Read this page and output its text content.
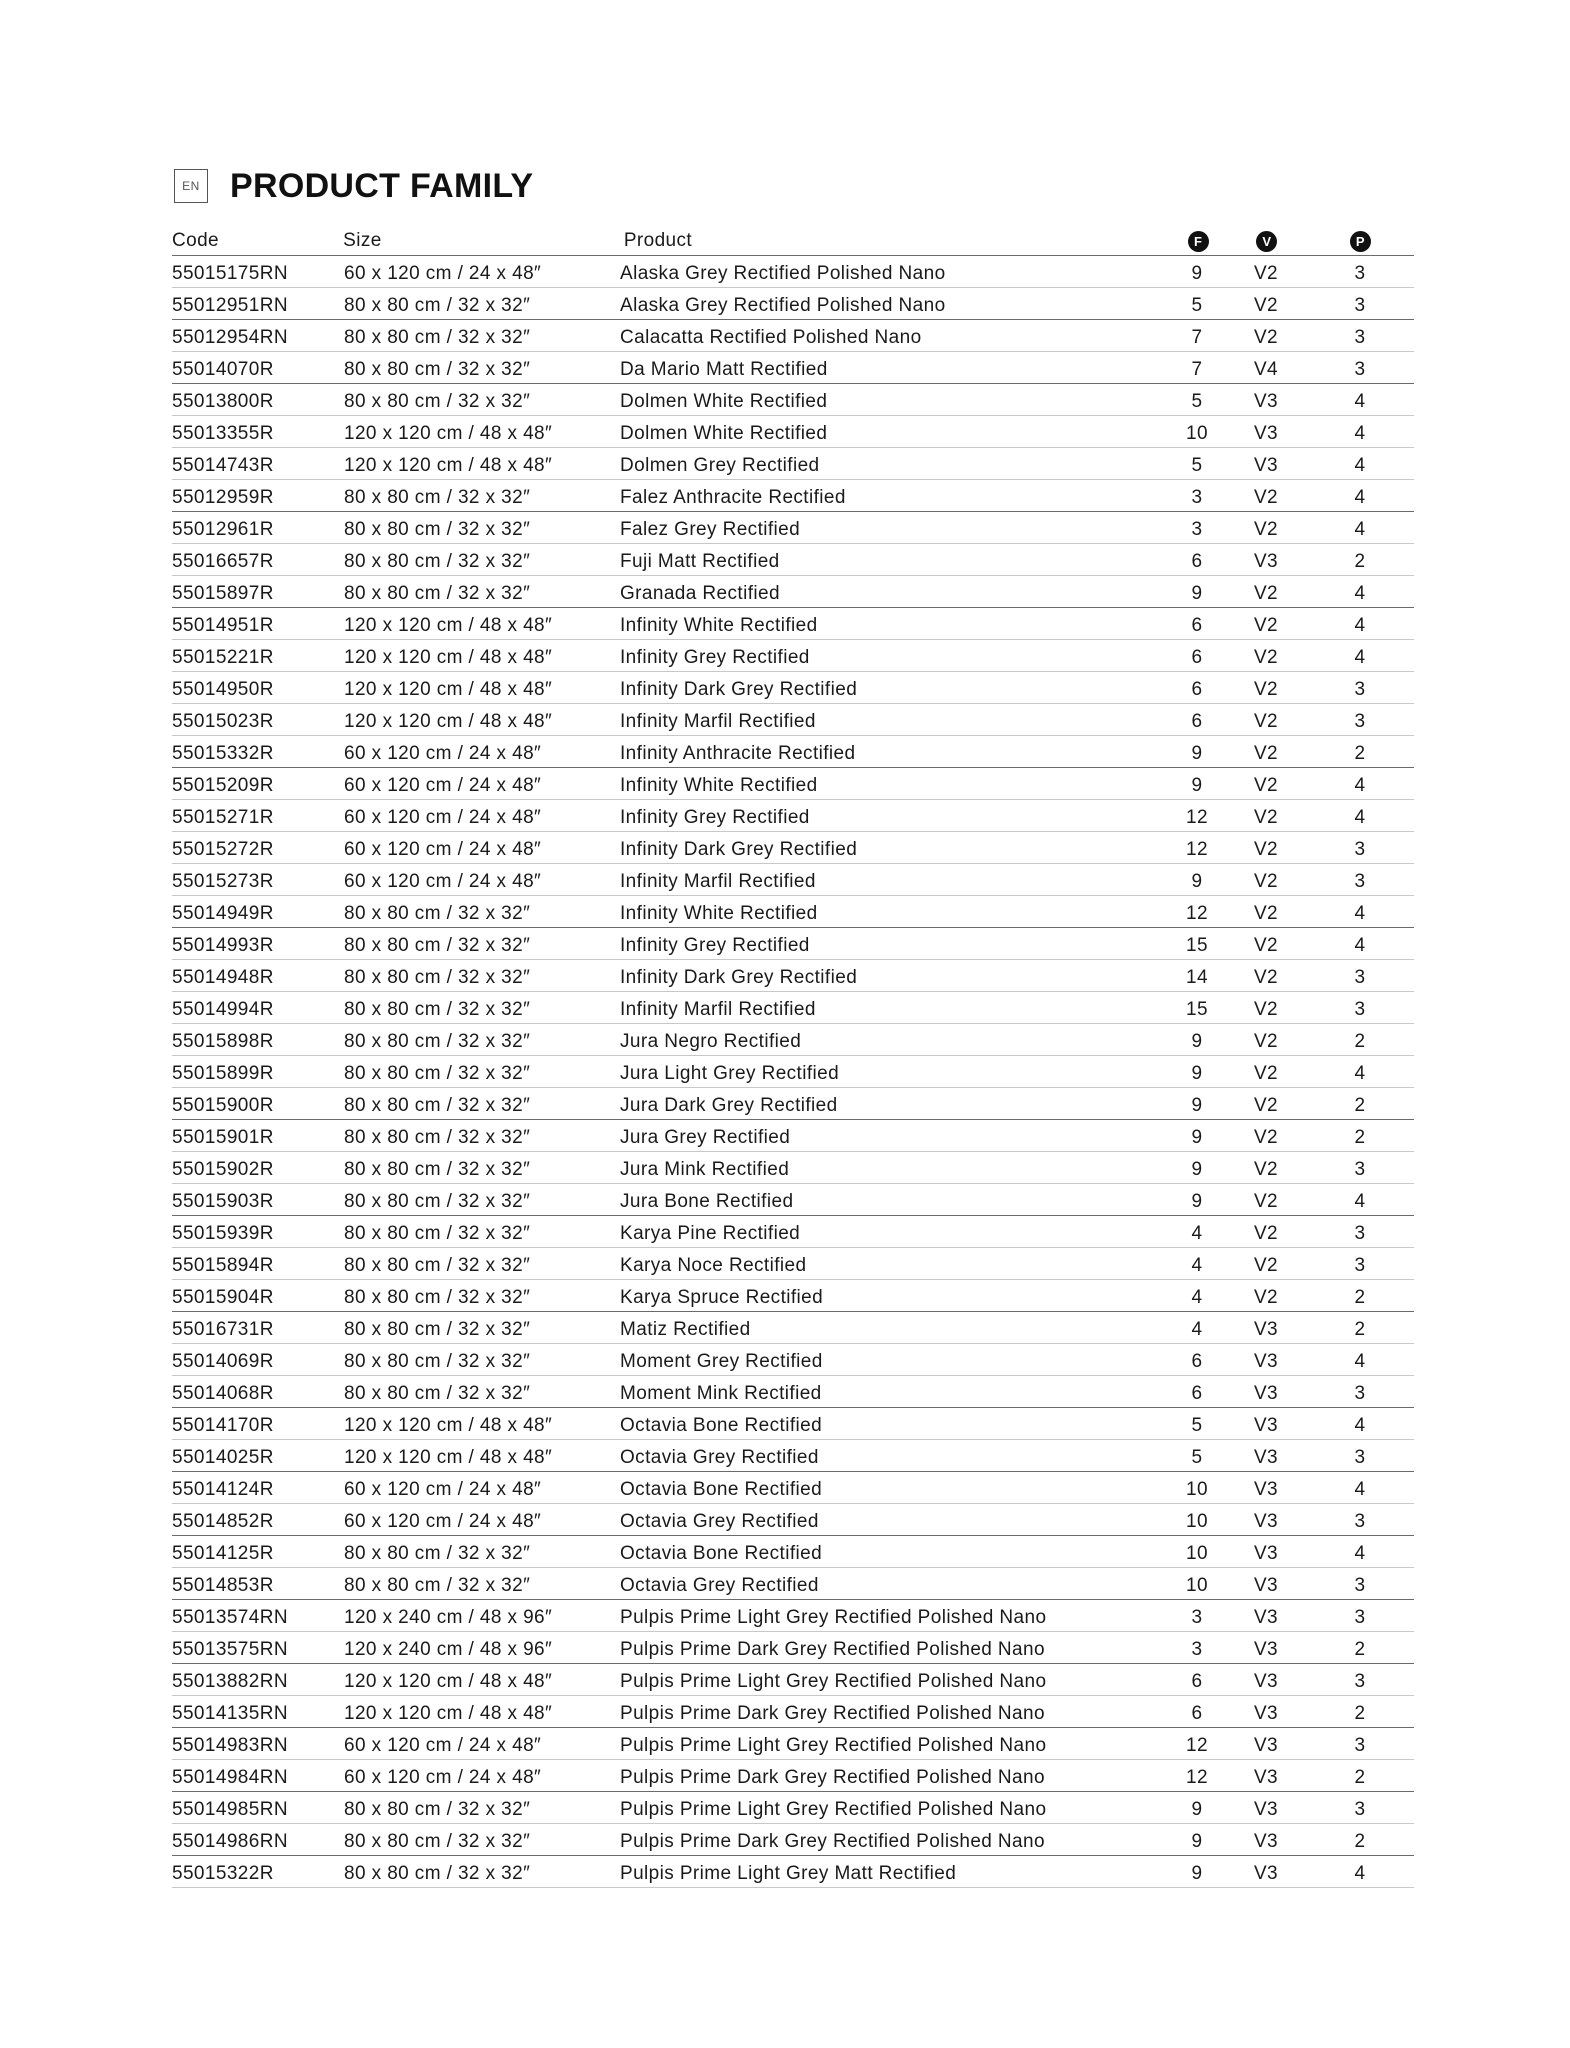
EN PRODUCT FAMILY
Code	Size	Product	F	V	P
55015175RN	60 x 120 cm / 24 x 48″	Alaska Grey Rectified Polished Nano	9	V2	3
55012951RN	80 x 80 cm / 32 x 32″	Alaska Grey Rectified Polished Nano	5	V2	3
55012954RN	80 x 80 cm / 32 x 32″	Calacatta Rectified Polished Nano	7	V2	3
55014070R	80 x 80 cm / 32 x 32″	Da Mario Matt Rectified	7	V4	3
55013800R	80 x 80 cm / 32 x 32″	Dolmen White Rectified	5	V3	4
55013355R	120 x 120 cm / 48 x 48″	Dolmen White Rectified	10	V3	4
55014743R	120 x 120 cm / 48 x 48″	Dolmen Grey Rectified	5	V3	4
55012959R	80 x 80 cm / 32 x 32″	Falez Anthracite Rectified	3	V2	4
55012961R	80 x 80 cm / 32 x 32″	Falez Grey Rectified	3	V2	4
55016657R	80 x 80 cm / 32 x 32″	Fuji Matt Rectified	6	V3	2
55015897R	80 x 80 cm / 32 x 32″	Granada Rectified	9	V2	4
55014951R	120 x 120 cm / 48 x 48″	Infinity White Rectified	6	V2	4
55015221R	120 x 120 cm / 48 x 48″	Infinity Grey Rectified	6	V2	4
55014950R	120 x 120 cm / 48 x 48″	Infinity Dark Grey Rectified	6	V2	3
55015023R	120 x 120 cm / 48 x 48″	Infinity Marfil Rectified	6	V2	3
55015332R	60 x 120 cm / 24 x 48″	Infinity Anthracite Rectified	9	V2	2
55015209R	60 x 120 cm / 24 x 48″	Infinity White Rectified	9	V2	4
55015271R	60 x 120 cm / 24 x 48″	Infinity Grey Rectified	12	V2	4
55015272R	60 x 120 cm / 24 x 48″	Infinity Dark Grey Rectified	12	V2	3
55015273R	60 x 120 cm / 24 x 48″	Infinity Marfil Rectified	9	V2	3
55014949R	80 x 80 cm / 32 x 32″	Infinity White Rectified	12	V2	4
55014993R	80 x 80 cm / 32 x 32″	Infinity Grey Rectified	15	V2	4
55014948R	80 x 80 cm / 32 x 32″	Infinity Dark Grey Rectified	14	V2	3
55014994R	80 x 80 cm / 32 x 32″	Infinity Marfil Rectified	15	V2	3
55015898R	80 x 80 cm / 32 x 32″	Jura Negro Rectified	9	V2	2
55015899R	80 x 80 cm / 32 x 32″	Jura Light Grey Rectified	9	V2	4
55015900R	80 x 80 cm / 32 x 32″	Jura Dark Grey Rectified	9	V2	2
55015901R	80 x 80 cm / 32 x 32″	Jura Grey Rectified	9	V2	2
55015902R	80 x 80 cm / 32 x 32″	Jura Mink Rectified	9	V2	3
55015903R	80 x 80 cm / 32 x 32″	Jura Bone Rectified	9	V2	4
55015939R	80 x 80 cm / 32 x 32″	Karya Pine Rectified	4	V2	3
55015894R	80 x 80 cm / 32 x 32″	Karya Noce Rectified	4	V2	3
55015904R	80 x 80 cm / 32 x 32″	Karya Spruce Rectified	4	V2	2
55016731R	80 x 80 cm / 32 x 32″	Matiz Rectified	4	V3	2
55014069R	80 x 80 cm / 32 x 32″	Moment Grey Rectified	6	V3	4
55014068R	80 x 80 cm / 32 x 32″	Moment Mink Rectified	6	V3	3
55014170R	120 x 120 cm / 48 x 48″	Octavia Bone Rectified	5	V3	4
55014025R	120 x 120 cm / 48 x 48″	Octavia Grey Rectified	5	V3	3
55014124R	60 x 120 cm / 24 x 48″	Octavia Bone Rectified	10	V3	4
55014852R	60 x 120 cm / 24 x 48″	Octavia Grey Rectified	10	V3	3
55014125R	80 x 80 cm / 32 x 32″	Octavia Bone Rectified	10	V3	4
55014853R	80 x 80 cm / 32 x 32″	Octavia Grey Rectified	10	V3	3
55013574RN	120 x 240 cm / 48 x 96″	Pulpis Prime Light Grey Rectified Polished Nano	3	V3	3
55013575RN	120 x 240 cm / 48 x 96″	Pulpis Prime Dark Grey Rectified Polished Nano	3	V3	2
55013882RN	120 x 120 cm / 48 x 48″	Pulpis Prime Light Grey Rectified Polished Nano	6	V3	3
55014135RN	120 x 120 cm / 48 x 48″	Pulpis Prime Dark Grey Rectified Polished Nano	6	V3	2
55014983RN	60 x 120 cm / 24 x 48″	Pulpis Prime Light Grey Rectified Polished Nano	12	V3	3
55014984RN	60 x 120 cm / 24 x 48″	Pulpis Prime Dark Grey Rectified Polished Nano	12	V3	2
55014985RN	80 x 80 cm / 32 x 32″	Pulpis Prime Light Grey Rectified Polished Nano	9	V3	3
55014986RN	80 x 80 cm / 32 x 32″	Pulpis Prime Dark Grey Rectified Polished Nano	9	V3	2
55015322R	80 x 80 cm / 32 x 32″	Pulpis Prime Light Grey Matt Rectified	9	V3	4
